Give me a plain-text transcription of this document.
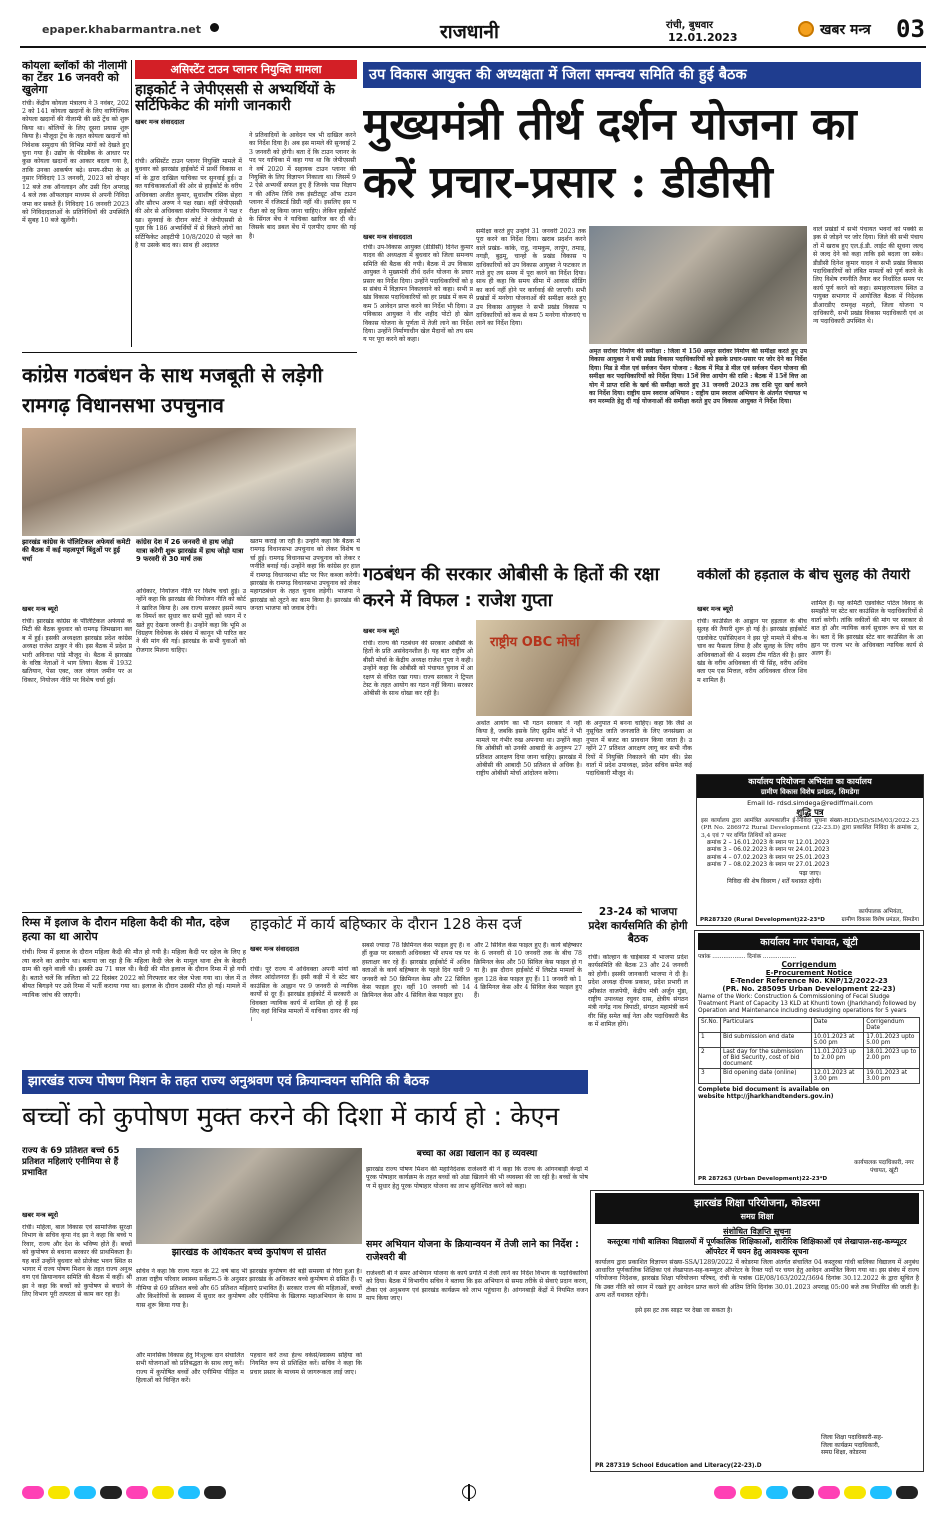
epaper.khabarmantra.net	राजधानी	रांची, बुधवार
12.01.2023	खबर मन्त्र 03
कोयला ब्लॉकों की नीलामी का टेंडर 16 जनवरी को खुलेगा
रांची। केंद्रीय कोयला मंत्रालय ने 3 नवंबर, 2022 को 141 कोयला खदानों के लिए वाणिज्यिक कोयला खदानों की नीलामी की छठें ट्रेंच को शुरू किया था। बोलियों के लिए दूसरा प्रयास शुरू किया है। मौजूदा ट्रेंच के तहत कोयला खदानों को निवेशक समुदाय की विभिन्न मांगों को देखते हुए चुना गया है। उद्योग के फीडबैक के आधार पर कुछ कोयला खदानों का आकार बदला गया है, ताकि उनका आकर्षण बढ़े। समय-सीमा के अनुसार निविदाएं 13 जनवरी, 2023 को दोपहर 12 बजे तक ऑनलाइन और उसी दिन अपराह्न 4 बजे तक ऑफलाइन माध्यम से अपनी निविदा जमा कर सकते हैं। निविदाएं 16 जनवरी 2023 को निविदादाताओं के प्रतिनिधियों की उपस्थिति में सुबह 10 बजे खुलेंगी।
असिस्टेंट टाउन प्लानर नियुक्ति मामला
हाइकोर्ट ने जेपीएससी से अभ्यर्थियों के सर्टिफिकेट की मांगी जानकारी
खबर मन्त्र संवाददाता
रांची। असिस्टेंट टाउन प्लानर नियुक्ति मामले में बुधवार को झारखंड हाईकोर्ट में प्रार्थी विकास शर्मा के द्वारा दाखिल याचिका पर सुनवाई हुई। उक्त याचिकाकर्ताओं की ओर से हाईकोर्ट के वरीय अधिवक्ता अजीत कुमार, सुधाशीष रसिक सेहरा और सौरभ अरुण ने पक्ष रखा। वहीं जेपीएससी की ओर से अधिवक्ता संजोय पिपरवाल ने पक्ष रखा। सुनवाई के दौरान कोर्ट ने जेपीएससी से पूछा कि 186 अभ्यर्थियों में से कितने लोगों का सर्टिफिकेट आइटीपी 10/8/2020 से पहले का है या उसके बाद का। साथ ही अदालत
ने प्रतिवादियों के आवेदन पत्र भी दाखिल करने का निर्देश दिया है। अब इस मामले की सुनवाई 23 जनवरी को होगी। बता दें कि टाउन प्लानर के पद पर याचिका में कहा गया था कि जेपीएससी ने वर्ष 2020 में सहायक टाउन प्लानर की नियुक्ति के लिए विज्ञापन निकाला था। जिसमें 92 ऐसे अभ्यर्थी सफल हुए हैं जिनके पास विज्ञापन की अंतिम तिथि तक इंस्टीट्यूट ऑफ टाउन प्लानर में रजिस्टर्ड डिग्री नहीं थी। इसलिए इस परीक्षा को रद्द किया जाना चाहिए। लेकिन हाईकोर्ट के सिंगल बेंच ने याचिका खारिज कर दी थी। जिसके बाद डबल बेंच में एलपीए दायर की गई है।
उप विकास आयुक्त की अध्यक्षता में जिला समन्वय समिति की हुई बैठक
मुख्यमंत्री तीर्थ दर्शन योजना का करें प्रचार-प्रसार : डीडीसी
खबर मन्त्र संवाददाता
रांची। उप-विकास आयुक्त (डीडीसी) दिनेश कुमार यादव की अध्यक्षता में बुधवार को जिला समन्वय समिति की बैठक की गयी। बैठक में उप विकास आयुक्त ने मुख्यमंत्री तीर्थ दर्शन योजना के प्रचार प्रसार का निर्देश दिया। उन्होंने पदाधिकारियों को इस संबंध में विज्ञापन निकलवाने को कहा। सभी प्रखंड विकास पदाधिकारियों को हर प्रखंड में कम से कम 5 आवेदन प्राप्त करने का निर्देश भी दिया। उपविकास आयुक्त ने वीर शहीद पोटो हो खेल विकास योजना के पूर्णता में तेजी लाने का निर्देश दिया। उन्होंने निर्माणाधीन खेल मैदानों को तय समय पर पूरा करने को कहा।
समीक्षा करते हुए उन्होंने 31 जनवरी 2023 तक पूरा करने का निर्देश दिया। खराब प्रदर्शन करने वाले प्रखंड- कांके, राहु, नामकुम, लापुंग, तमाड़, नगड़ी, बुढ़मू, चान्हो के प्रखंड विकास पदाधिकारियों को उप विकास आयुक्त ने फटकार लगाते हुए तय समय में पूरा करने का निर्देश दिया। साथ ही कहा कि समय सीमा में आवास सीडिंग का कार्य नहीं होने पर कार्रवाई की जाएगी। सभी प्रखंडों में मनरेगा योजनाओं की समीक्षा करते हुए उप विकास आयुक्त ने सभी प्रखंड विकास पदाधिकारियों को कम से कम 5 मनरेगा योजनाएं चलाने का निर्देश दिया।
अमृत सरोवर निर्माण की समीक्षा : जिला में 150 अमृत सरोवर निर्माण की समीक्षा करते हुए उप विकास आयुक्त ने सभी प्रखंड विकास पदाधिकारियों को इसके प्रचार-प्रसार पर जोर देने का निर्देश दिया। मिड डे मील एवं सर्वजन पेंशन योजना : बैठक में मिड डे मील एवं सर्वजन पेंशन योजना की समीक्षा कर पदाधिकारियों को निर्देश दिया। 15वें वित्त आयोग की राशि : बैठक में 15वें वित्त आयोग में प्राप्त राशि के खर्च की समीक्षा करते हुए 31 जनवरी 2023 तक राशि पूरा खर्च करने का निर्देश दिया। राष्ट्रीय ग्राम स्वराज अभियान : राष्ट्रीय ग्राम स्वराज अभियान के अंतर्गत पंचायत भवन मरम्मति हेतु दी गई योजनाओं की समीक्षा करते हुए उप विकास आयुक्त ने निर्देश दिया।
वाले प्रखंडों में सभी पंचायत भवनों को पक्की सड़क से जोड़ने पर जोर दिया। जिले की सभी पंचायतों में खराब हुए एल.ई.डी. लाईट की सूचना जल्द से जल्द देने को कहा ताकि इसे बदला जा सके। डीडीसी दिनेश कुमार यादव ने सभी प्रखंड विकास पदाधिकारियों को लंबित मामलों को पूर्ण करने के लिए विशेष रणनीति तैयार कर निर्धारित समय पर कार्य पूर्ण करने को कहा। समाहरणालय स्थित उपायुक्त सभागार में आयोजित बैठक में निदेशक डीआरडीए रामवृक्ष महतो, जिला योजना पदाधिकारी, सभी प्रखंड विकास पदाधिकारी एवं अन्य पदाधिकारी उपस्थित थे।
कांग्रेस गठबंधन के साथ मजबूती से लड़ेगी रामगढ़ विधानसभा उपचुनाव
झारखंड कांग्रेस के पॉलिटिकल अफेयर्स कमेटी की बैठक में कई महत्वपूर्ण बिंदुओं पर हुई चर्चा
कांग्रेस देश में 26 जनवरी से हाथ जोड़ो यात्रा करेगी शुरू झारखंड में हाथ जोड़ो यात्रा 9 फरवरी से 30 मार्च तक
खबर मन्त्र ब्यूरो
रांची। झारखंड कांग्रेस के पॉलिटिकल अफेयर्स कमिटी की बैठक बुधवार को रामगढ़ जिमखाना क्लब में हुई। इसकी अध्यक्षता झारखंड प्रदेश कांग्रेस अध्यक्ष राजेश ठाकुर ने की। इस बैठक में प्रदेश प्रभारी अविनाश पांडे मौजूद थे। बैठक में झारखंड के वरिष्ठ नेताओं ने भाग लिया। बैठक में 1932 खतियान, पेसा एक्ट, जल जंगल जमीन पर अधिकार, नियोजन नीति पर विशेष चर्चा हुई।
अधिकार, नियोजन नीति पर विशेष चर्चा हुई। उन्होंने कहा कि झारखंड की नियोजन नीति को कोर्ट ने खारिज किया है। अब राज्य सरकार इसमें व्यापक विमर्श कर सुधार कर सभी मुद्दों को ध्यान में रखते हुए देखना जरूरी है। उन्होंने कहा कि भूमि अधिग्रहण विधेयक के संबंध में कानून भी पारित करने की मांग की गई। झारखंड के सभी युवाओं को रोजगार मिलना चाहिए।
खतम कराई जा रही है। उन्होंने कहा कि बैठक में रामगढ़ विधानसभा उपचुनाव को लेकर विशेष चर्चा हुई। रामगढ़ विधानसभा उपचुनाव को लेकर रणनीति बनाई गई। उन्होंने कहा कि कांग्रेस हर हाल में रामगढ़ विधानसभा सीट पर फिर कब्जा करेगी। झारखंड के रामगढ़ विधानसभा उपचुनाव को लेकर महागठबंधन के तहत चुनाव लड़ेगी। भाजपा ने झारखंड को लूटने का काम किया है। झारखंड की जनता भाजपा को जवाब देगी।
गठबंधन की सरकार ओबीसी के हितों की रक्षा करने में विफल : राजेश गुप्ता
खबर मन्त्र ब्यूरो
रांची। राज्य की गठबंधन की सरकार ओबीसी के हितों के प्रति असंवेदनशील है। यह बात राष्ट्रीय ओबीसी मोर्चा के केंद्रीय अध्यक्ष राजेश गुप्ता ने कही। उन्होंने कहा कि ओबीसी को पंचायत चुनाव में आरक्षण से वंचित रखा गया। राज्य सरकार ने ट्रिपल टेस्ट के तहत आयोग का गठन नहीं किया। सरकार ओबीसी के साथ धोखा कर रही है।
राष्ट्रीय OBC मोर्चा
अर्थात आयोग का भी गठन सरकार ने नहीं किया है, जबकि इसके लिए सुप्रीम कोर्ट ने भी मामले पर गंभीर रुख अपनाया था। उन्होंने कहा कि ओबीसी को उनकी आबादी के अनुरूप 27 प्रतिशत आरक्षण दिया जाना चाहिए। झारखंड में ओबीसी की आबादी 50 प्रतिशत से अधिक है। राष्ट्रीय ओबीसी मोर्चा आंदोलन करेगा।
के अनुपात में बनना चाहिए। कहा कि जैसे अनुसूचित जाति जनजाति के लिए जनसंख्या अनुपात में बजट का प्रावधान किया जाता है। उन्होंने 27 प्रतिशत आरक्षण लागू कर सभी नौकरियों में नियुक्ति निकालने की मांग की। प्रेस वार्ता में प्रदेश उपाध्यक्ष, प्रदेश सचिव समेत कई पदाधिकारी मौजूद थे।
वकीलों की हड़ताल के बीच सुलह की तैयारी
खबर मन्त्र ब्यूरो
रांची। काउंसिल के आह्वान पर हड़ताल के बीच सुलह की तैयारी शुरू हो गई है। झारखंड हाईकोर्ट एडवोकेट एसोसिएशन ने इस पूरे मामले में बीच-बचाव का फैसला लिया है और सुलह के लिए वरीय अधिवक्ताओं की 4 सदस्य टीम गठित की है। झारखंड के वरीय अधिवक्ता वी पी सिंह, वरीय अधिवक्ता एम एस मित्तल, वरीय अधिवक्ता धीरज शिवम शामिल हैं।
शामिल हैं। यह कमिटी एडवोकेट पोर्टल विवाद के समझौते पर स्टेट बार काउंसिल के पदाधिकारियों से वार्ता करेगी। तांकि वकीलों की मांग पर सरकार से बात हो और न्यायिक कार्य सुचारू रूप से चल सके। बता दें कि झारखंड स्टेट बार काउंसिल के आह्वान पर राज्य भर के अधिवक्ता न्यायिक कार्य से अलग हैं।
कार्यालय परियोजना अभियंता का कार्यालय
ग्रामीण विकास विशेष प्रमंडल, सिमडेगा
Email Id- rdsd.simdega@rediffmail.com
शुद्धि पत्र
इस कार्यालय द्वारा आमंत्रित अल्पकालीन ई-निविदा सूचना संख्या-RDD/SD/SIM/03/2022-23 (PR No. 286972 Rural Development (22-23.D) द्वारा प्रकाशित निविदा के क्रमांक 2,3,4 एवं 7 पर वर्णित तिथियों को क्रमशः
क्रमांक 2 – 16.01.2023 के स्थान पर 12.01.2023
क्रमांक 3 – 06.02.2023 के स्थान पर 24.01.2023
क्रमांक 4 – 07.02.2023 के स्थान पर 25.01.2023
क्रमांक 7 – 08.02.2023 के स्थान पर 27.01.2023
पढ़ा जाए।
निविदा की शेष विवरण / शर्तें यथावत रहेगी।
PR287320 (Rural Development)22-23*D
कार्यपालक अभियंता,
ग्रामीण विकास विशेष प्रमंडल, सिमडेगा
रिम्स में इलाज के दौरान महिला कैदी की मौत, दहेज हत्या का था आरोप
रांची। रिम्स में इलाज के दौरान महिला कैदी की मौत हो गयी है। महिला कैदी पर दहेज के लिए हत्या करने का आरोप था। बताया जा रहा है कि महिला कैदी जेल के मामूल थाना क्षेत्र के केदारी ग्राम की रहने वाली थी। इसकी उम्र 71 साल थी। कैदी की मौत इलाज के दौरान रिम्स में हो गयी है। बताते चलें कि ललिता को 22 दिसंबर 2022 को गिरफ्तार कर जेल भेजा गया था। जेल में तबीयत बिगड़ने पर उसे रिम्स में भर्ती कराया गया था। इलाज के दौरान उसकी मौत हो गई। मामले में न्यायिक जांच की जाएगी।
हाइकोर्ट में कार्य बहिष्कार के दौरान 128 केस दर्ज
खबर मन्त्र संवाददाता
रांची। पूरे राज्य में अधिवक्ता अपनी मांगों को लेकर आंदोलनरत हैं। इसी कड़ी में वे स्टेट बार काउंसिल के आह्वान पर 9 जनवरी से न्यायिक कार्यों से दूर हैं। झारखंड हाईकोर्ट में सरकारी अधिवक्ता न्यायिक कार्य में शामिल हो रहे हैं इसलिए वहां विभिन्न मामलों में याचिका दायर की गई।
सबसे ज्यादा 78 क्रिमिनल केस फाइल हुए हैं। वहीं कुछ पर सरकारी अधिवक्ता भी शपथ पत्र पर हस्ताक्षर कर रहे हैं। झारखंड हाईकोर्ट में अधिवक्ताओं के कार्य बहिष्कार के पहले दिन यानी 9 जनवरी को 50 क्रिमिनल केस और 22 सिविल केस फाइल हुए। वहीं 10 जनवरी को 14 क्रिमिनल केस और 4 सिविल केस फाइल हुए।
और 2 सिविल केस फाइल हुए हैं। कार्य बहिष्कार के 6 जनवरी से 10 जनवरी तक के बीच 78 क्रिमिनल केस और 50 सिविल केस फाइल हो गया है। इस दौरान हाईकोर्ट में लिस्टेड मामलों के कुल 128 केस फाइल हुए हैं। 11 जनवरी को 14 क्रिमिनल केस और 4 सिविल केस फाइल हुए हैं।
23-24 को भाजपा प्रदेश कार्यसमिति की होगी बैठक
रांची। कोल्हान के चाईबासा में भाजपा प्रदेश कार्यसमिति की बैठक 23 और 24 जनवरी को होगी। इसकी जानकारी भाजपा ने दी है। प्रदेश अध्यक्ष दीपक प्रकाश, प्रदेश प्रभारी लक्ष्मीकांत वाजपेयी, केंद्रीय मंत्री अर्जुन मुंडा, राष्ट्रीय उपाध्यक्ष रघुवर दास, क्षेत्रीय संगठन मंत्री नागेंद्र नाथ त्रिपाठी, संगठन महामंत्री कर्मवीर सिंह समेत कई नेता और पदाधिकारी बैठक में शामिल होंगे।
कार्यालय नगर पंचायत, खूंटी
पत्रांक .................. दिनांक ..................
Corrigendum
E-Procurement Notice
E-Tender Reference No. KNP/12/2022-23
(PR. No. 285095 Urban Development 22-23)
Name of the Work: Construction & Commissioning of Fecal Sludge Treatment Plant of Capacity 13 KLD at Khunti town (Jharkhand) followed by Operation and Maintenance including desludging operations for 5 years
Sr.No.	Particulars	Date	Corrigendum Date
1	Bid submission end date	10.01.2023 at 5.00 pm	17.01.2023 upto 5.00 pm
2	Last day for the submission of Bid Security, cost of bid document	11.01.2023 up to 2.00 pm	18.01.2023 up to 2.00 pm
3	Bid opening date (online)	12.01.2023 at 3.00 pm	19.01.2023 at 3.00 pm
Complete bid document is available on website http://jharkhandtenders.gov.in)
कार्यपालक पदाधिकारी, नगर पंचायत, खूंटी
PR 287263 (Urban Development)22-23*D
झारखंड राज्य पोषण मिशन के तहत राज्य अनुश्रवण एवं क्रियान्वयन समिति की बैठक
बच्चों को कुपोषण मुक्त करने की दिशा में कार्य हो : केएन
राज्य के 69 प्रतिशत बच्चे 65 प्रतिशत महिलाएं एनीमिया से हैं प्रभावित
खबर मन्त्र ब्यूरो
रांची। महिला, बाल विकास एवं सामाजिक सुरक्षा विभाग के सचिव कृपा नंद झा ने कहा कि बच्चे परिवार, राज्य और देश के भविष्य होते हैं। बच्चों को कुपोषण से बचाना सरकार की प्राथमिकता है। यह बातें उन्होंने बुधवार को प्रोजेक्ट भवन स्थित सभागार में राज्य पोषण मिशन के तहत राज्य अनुश्रवण एवं क्रियान्वयन समिति की बैठक में कहीं। श्री झा ने कहा कि बच्चों को कुपोषण से बचाने के लिए विभाग पूरी तत्परता से काम कर रहा है।
झारखंड के अधिकतर बच्चे कुपोषण से ग्रसित
सचिव ने कहा कि राज्य गठन के 22 वर्ष बाद भी झारखंड कुपोषण की बड़ी समस्या से घिरा हुआ है। ताजा राष्ट्रीय परिवार स्वास्थ्य सर्वेक्षण-5 के अनुसार झारखंड के अधिकतर बच्चे कुपोषण से ग्रसित हैं। एनीमिया से 69 प्रतिशत बच्चे और 65 प्रतिशत महिलाएं प्रभावित हैं। सरकार राज्य की महिलाओं, बच्चों और किशोरियों के स्वास्थ्य में सुधार कर कुपोषण और एनीमिया के खिलाफ महाअभियान के साथ प्रयास शुरू किया गया है।
और मानसिक विकास हेतु निःशुल्क दान संचालित सभी योजनाओं को प्रतिबद्धता के साथ लागू करें। राज्य में कुपोषित बच्चों और एनीमिया पीड़ित महिलाओं को चिन्हित करें।
पहचान करें तथा हेल्थ वर्कर्स/स्वास्थ्य सहिया को नियमित रूप से प्रशिक्षित करें। सचिव ने कहा कि प्रचार प्रसार के माध्यम से जागरूकता लाई जाए।
बच्चों को अंडा खिलाने की है व्यवस्था
झारखंड राज्य पोषण मिशन की महानिदेशक राजेश्वरी बी ने कहा कि राज्य के आंगनबाड़ी केन्द्रों में पूरक पोषाहार कार्यक्रम के तहत बच्चों को अंडा खिलाने की भी व्यवस्था की जा रही है। बच्चों के पोषण में सुधार हेतु पूरक पोषाहार योजना का लाभ सुनिश्चित करने को कहा।
समर अभियान योजना के क्रियान्वयन में तेजी लाने का निर्देश : राजेश्वरी बी
राजेश्वरी बी ने समर अभियान योजना के कार्य प्रगति में तेजी लाने का निर्देश विभाग के पदाधिकारियों को दिया। बैठक में विभागीय सचिव ने बताया कि इस अभियान से समग्र तरीके से सेवाएं प्रदान करना, टीका एवं अनुश्रवण एवं झारखंड कार्यक्रम को लाभ पहुंचाना है। आंगनबाड़ी केंद्रों में नियमित वजन माप किया जाए।
झारखंड शिक्षा परियोजना, कोडरमा
समग्र शिक्षा
संशोधित विज्ञप्ति सूचना
कस्तूरबा गांधी बालिका विद्यालयों में पूर्णकालिक शिक्षिकाओं, शारीरिक शिक्षिकाओं एवं लेखापाल-सह-कम्प्यूटर ऑपरेटर में चयन हेतु आवश्यक सूचना
कार्यालय द्वारा प्रकाशित विज्ञापन संख्या-SSA/1289/2022 में कोडरमा जिला अंतर्गत संचालित 04 कस्तूरबा गांधी बालिका विद्यालय में अनुबंध आधारित पूर्णकालिक शिक्षिका एवं लेखापाल-सह-कम्प्यूटर ऑपरेटर के रिक्त पदों पर चयन हेतु आवेदन आमंत्रित किया गया था। इस संबंध में राज्य परियोजना निदेशक, झारखंड शिक्षा परियोजना परिषद, रांची के पत्रांक GE/08/163/2022/3694 दिनांक 30.12.2022 के द्वारा सूचित है कि उक्त नीति को ध्यान में रखते हुए आवेदन प्राप्त करने की अंतिम तिथि दिनांक 30.01.2023 अपराह्न 05:00 बजे तक निर्धारित की जाती है। अन्य शर्तें यथावत रहेंगी।
इसे इस हट तक साइट पर देखा जा सकता है।
जिला शिक्षा पदाधिकारी-सह-
जिला कार्यक्रम पदाधिकारी,
समग्र शिक्षा, कोडरमा
PR 287319 School Education and Literacy(22-23).D
